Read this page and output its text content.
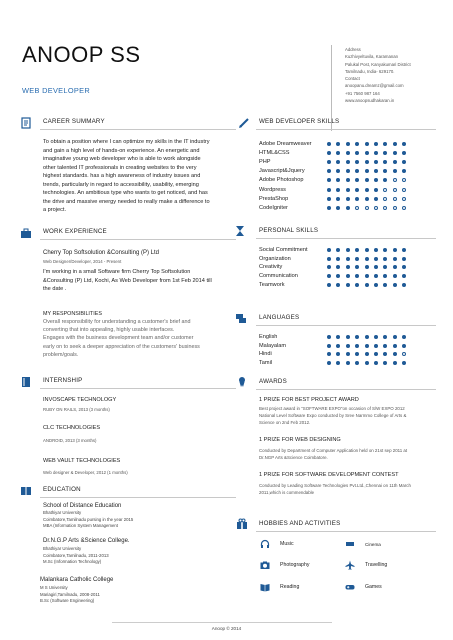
ANOOP SS
WEB DEVELOPER
Address
Kuzhivyeltuvila, Karamanan
Palukal Post, Kanyakumari District
Tamilnadu, India- 629170.
Contact
anoopanu.dreamz@gmail.com
+91 7560 987 164
www.anoopsudhakaran.in
CAREER SUMMARY
To obtain a position where I can optimize my skills in the IT industry
and gain a high level of hands-on experience. An energetic and
imaginative young web developer who is able to work alongside
other talented IT professionals in creating websites to the very
highest standards. has a high awareness of industry issues and
trends, particularly in regard to accessibility, usability, emerging
technologies. An ambitious type who wants to get noticed, and has
the drive and massive energy needed to really make a difference to
a project.
WORK EXPERIENCE
Cherry Top Softsolution &Consulting (P) Ltd
Web Designer/Developer, 2014 - Present
I'm working in a small Software firm Cherry Top Softsolution
&Consulting (P) Ltd, Kochi, As Web Developer from 1st Feb 2014 till
the date .
MY RESPONSIBILITIES
Overall responsibility for understanding a customer's brief and
converting that into appealing, highly usable interfaces.
Engages with the business development team and/or customer
early on to seek a deeper appreciation of the customers' business
problem/goals.
INTERNSHIP
INVOSCAPE TECHNOLOGY
RUBY ON RAILS, 2013 (3 months)
CLC TECHNOLOGIES
ANDROID, 2013 (3 months)
WEB VAULT TECHNOLOGIES
Web designer & Developer, 2012 (1 months)
EDUCATION
School of Distance Education
Bhathiyar University
Coimbatore,Tamilnadu pursing in the year 2015
MBA (Information System Management
Dr.N.G.P Arts &Science College.
Bhathiyar University
Coimbatore,Tamilnadu, 2011-2013
M.Sc (Information Technology)
Malankara Catholic College
M S University
Mariagiri,Tamilnadu, 2008-2011
B.Sc (Software Engineering)
WEB DEVELOPER SKILLS
Adobe Dreamweaver
HTML&CSS
PHP
Javascript&Jquery
Adobe Photoshop
Wordpress
PrestaShop
CodeIgniter
PERSONAL SKILLS
Social Commitment
Organization
Creativity
Communication
Teamwork
LANGUAGES
English
Malayalam
Hindi
Tamil
AWARDS
1 PRIZE FOR BEST PROJECT AWARD
Best project award in "SOFTWARE EXPO"on occasion of S/W EXPO 2012
National Level Software Expo conducted by Sree Narmmo College of Arts &
Science on 2nd Feb 2012.
1 PRIZE FOR WEB DESIGNING
Conducted by Department of Computer Application held on 21st sep 2011 at
Dr.NGP Arts &Science Coimbatore.
1 PRIZE FOR SOFTWARE DEVELOPMENT CONTEST
Conducted by Leading Software Technologies Pvt.Ltd.,Chennai on 11th March
2011,which is commendable
HOBBIES AND ACTIVITIES
Music	Cinema
Photography	Travelling
Reading	Games
Anoop © 2014
